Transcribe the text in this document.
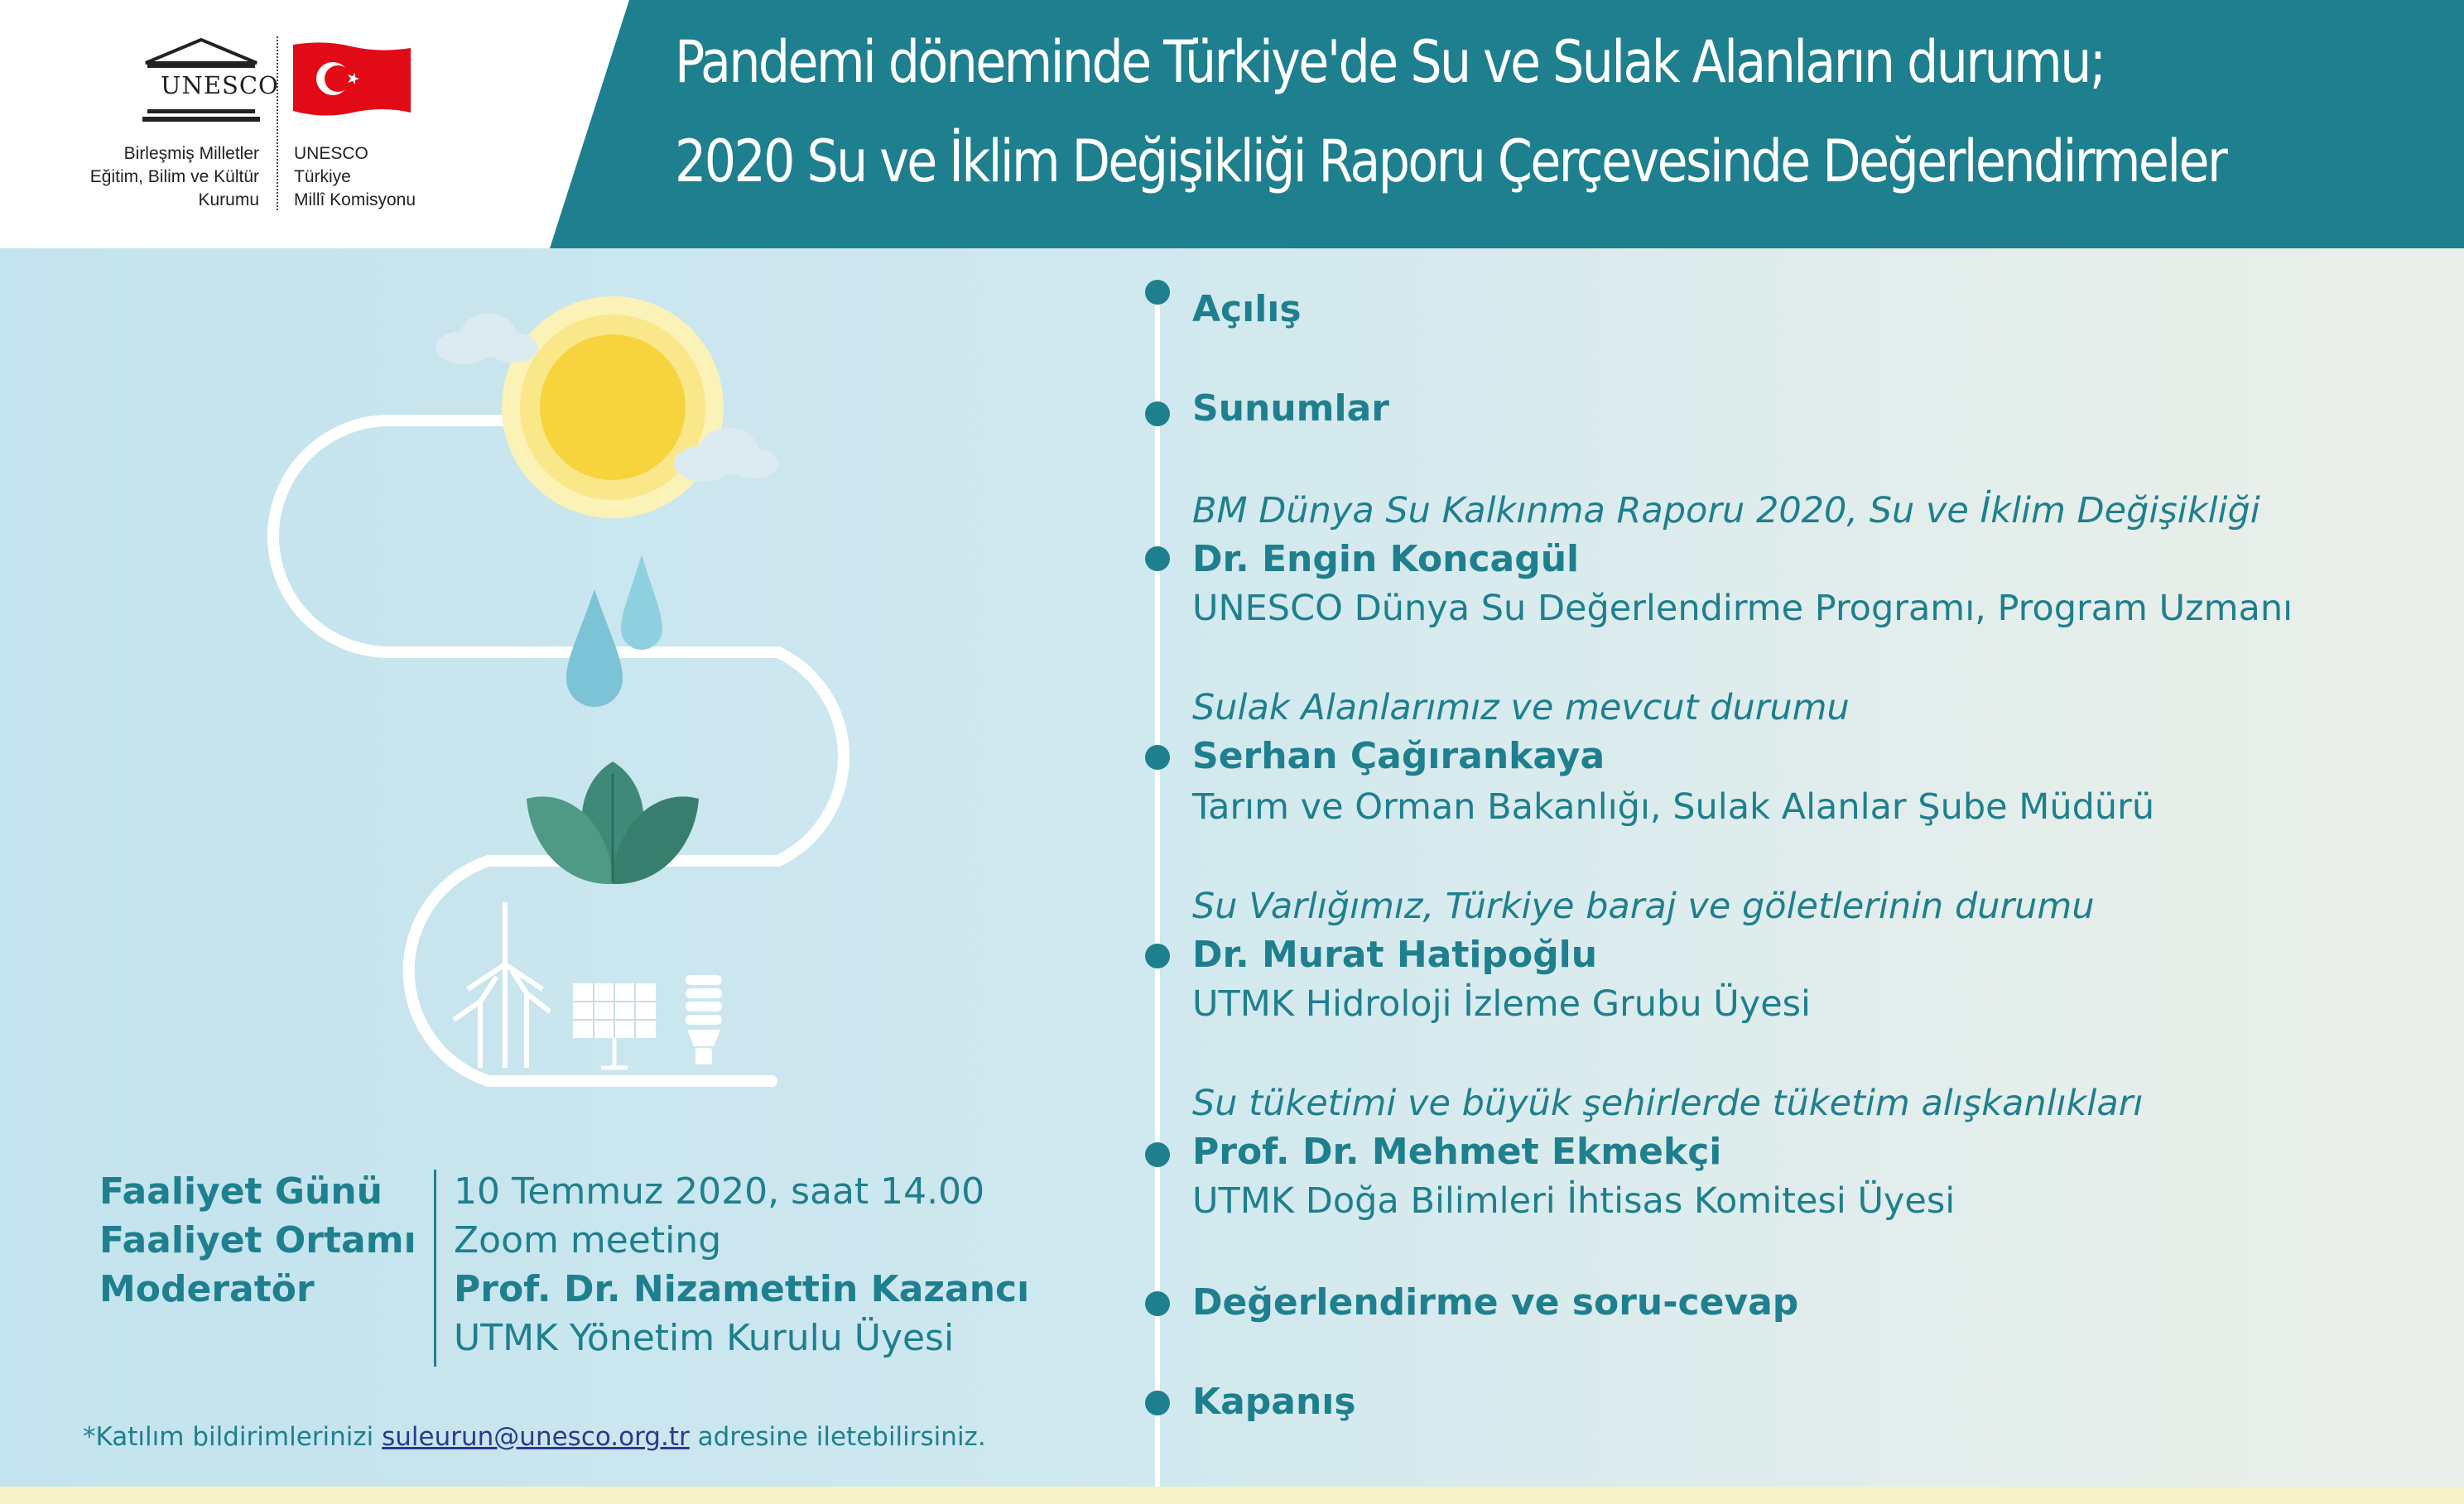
UNESCO
Birleşmiş Milletler
Eğitim, Bilim ve Kültür
Kurumu
UNESCO
Türkiye
Millî Komisyonu
Pandemi döneminde Türkiye'de Su ve Sulak Alanların durumu;
2020 Su ve İklim Değişikliği Raporu Çerçevesinde Değerlendirmeler
Açılış
Sunumlar
BM Dünya Su Kalkınma Raporu 2020, Su ve İklim Değişikliği
Dr. Engin Koncagül
UNESCO Dünya Su Değerlendirme Programı, Program Uzmanı
Sulak Alanlarımız ve mevcut durumu
Serhan Çağırankaya
Tarım ve Orman Bakanlığı, Sulak Alanlar Şube Müdürü
Su Varlığımız, Türkiye baraj ve göletlerinin durumu
Dr. Murat Hatipoğlu
UTMK Hidroloji İzleme Grubu Üyesi
Su tüketimi ve büyük şehirlerde tüketim alışkanlıkları
Prof. Dr. Mehmet Ekmekçi
UTMK Doğa Bilimleri İhtisas Komitesi Üyesi
Değerlendirme ve soru-cevap
Kapanış
Faaliyet Günü
Faaliyet Ortamı
Moderatör
10 Temmuz 2020, saat 14.00
Zoom meeting
Prof. Dr. Nizamettin Kazancı
UTMK Yönetim Kurulu Üyesi
*Katılım bildirimlerinizi suleurun@unesco.org.tr adresine iletebilirsiniz.
